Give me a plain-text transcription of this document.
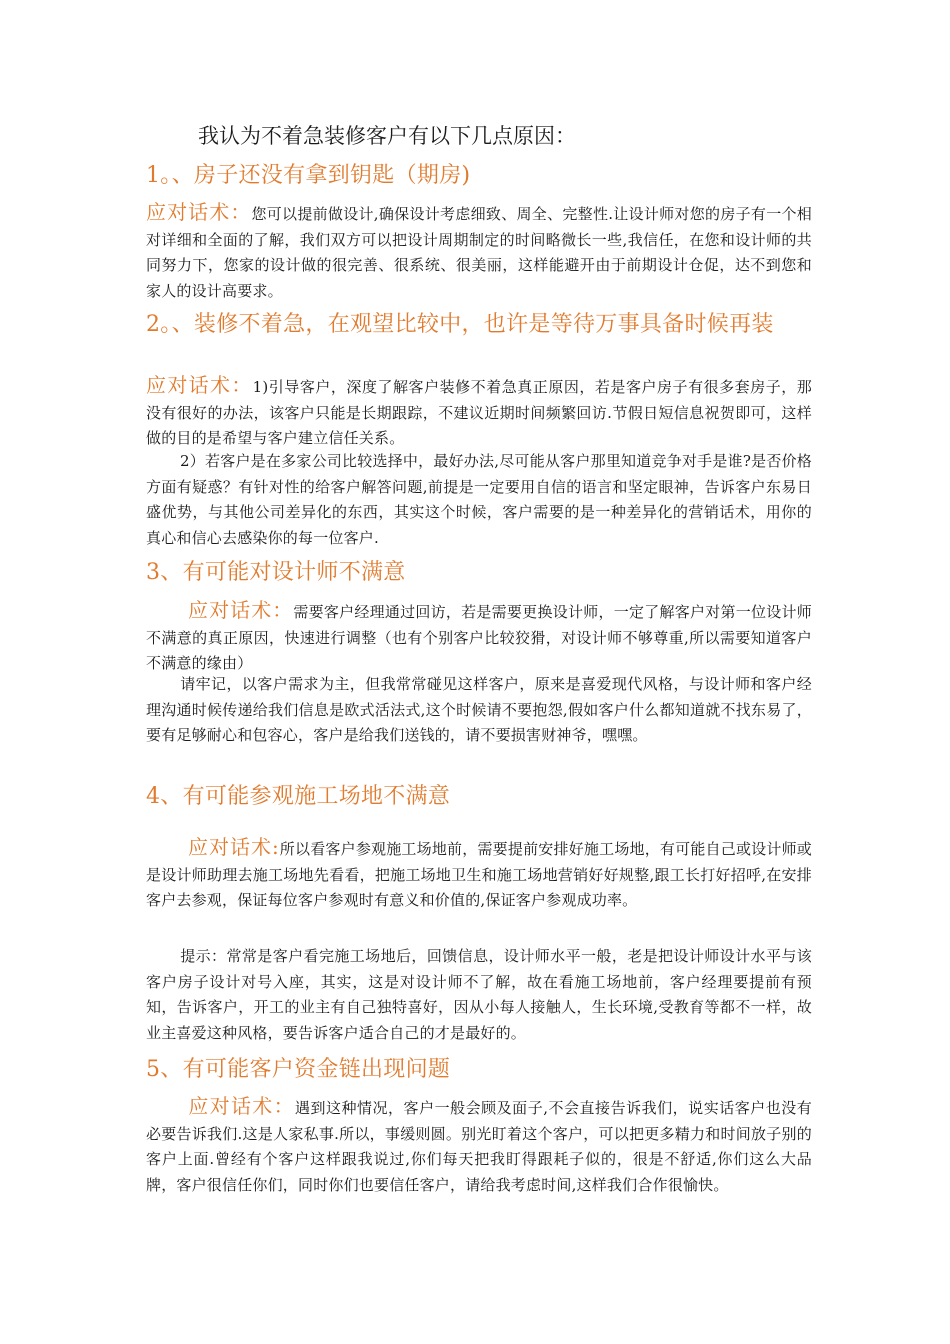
我认为不着急装修客户有以下几点原因：
1。、房子还没有拿到钥匙（期房)

应对话术：您可以提前做设计,确保设计考虑细致、周全、完整性.让设计师对您的房子有一个相对详细和全面的了解，我们双方可以把设计周期制定的时间略微长一些,我信任，在您和设计师的共同努力下，您家的设计做的很完善、很系统、很美丽，这样能避开由于前期设计仓促，达不到您和家人的设计高要求。

2。、装修不着急，在观望比较中，也许是等待万事具备时候再装

应对话术：1)引导客户，深度了解客户装修不着急真正原因，若是客户房子有很多套房子，那没有很好的办法，该客户只能是长期跟踪，不建议近期时间频繁回访.节假日短信息祝贺即可，这样做的目的是希望与客户建立信任关系。

2）若客户是在多家公司比较选择中，最好办法,尽可能从客户那里知道竞争对手是谁?是否价格方面有疑惑？有针对性的给客户解答问题,前提是一定要用自信的语言和坚定眼神，告诉客户东易日盛优势，与其他公司差异化的东西，其实这个时候，客户需要的是一种差异化的营销话术，用你的真心和信心去感染你的每一位客户.

3、有可能对设计师不满意

应对话术：需要客户经理通过回访，若是需要更换设计师，一定了解客户对第一位设计师不满意的真正原因，快速进行调整（也有个别客户比较狡猾，对设计师不够尊重,所以需要知道客户不满意的缘由）

请牢记，以客户需求为主，但我常常碰见这样客户，原来是喜爱现代风格，与设计师和客户经理沟通时候传递给我们信息是欧式活法式,这个时候请不要抱怨,假如客户什么都知道就不找东易了，要有足够耐心和包容心，客户是给我们送钱的，请不要损害财神爷，嘿嘿。

4、有可能参观施工场地不满意

应对话术:所以看客户参观施工场地前，需要提前安排好施工场地，有可能自己或设计师或是设计师助理去施工场地先看看，把施工场地卫生和施工场地营销好好规整,跟工长打好招呼,在安排客户去参观，保证每位客户参观时有意义和价值的,保证客户参观成功率。

提示：常常是客户看完施工场地后，回馈信息，设计师水平一般，老是把设计师设计水平与该客户房子设计对号入座，其实，这是对设计师不了解，故在看施工场地前，客户经理要提前有预知，告诉客户，开工的业主有自己独特喜好，因从小每人接触人，生长环境,受教育等都不一样，故业主喜爱这种风格，要告诉客户适合自己的才是最好的。

5、有可能客户资金链出现问题

应对话术：遇到这种情况，客户一般会顾及面子,不会直接告诉我们，说实话客户也没有必要告诉我们.这是人家私事.所以，事缓则圆。别光盯着这个客户，可以把更多精力和时间放子别的客户上面.曾经有个客户这样跟我说过,你们每天把我盯得跟耗子似的，很是不舒适,你们这么大品牌，客户很信任你们，同时你们也要信任客户，请给我考虑时间,这样我们合作很愉快。
